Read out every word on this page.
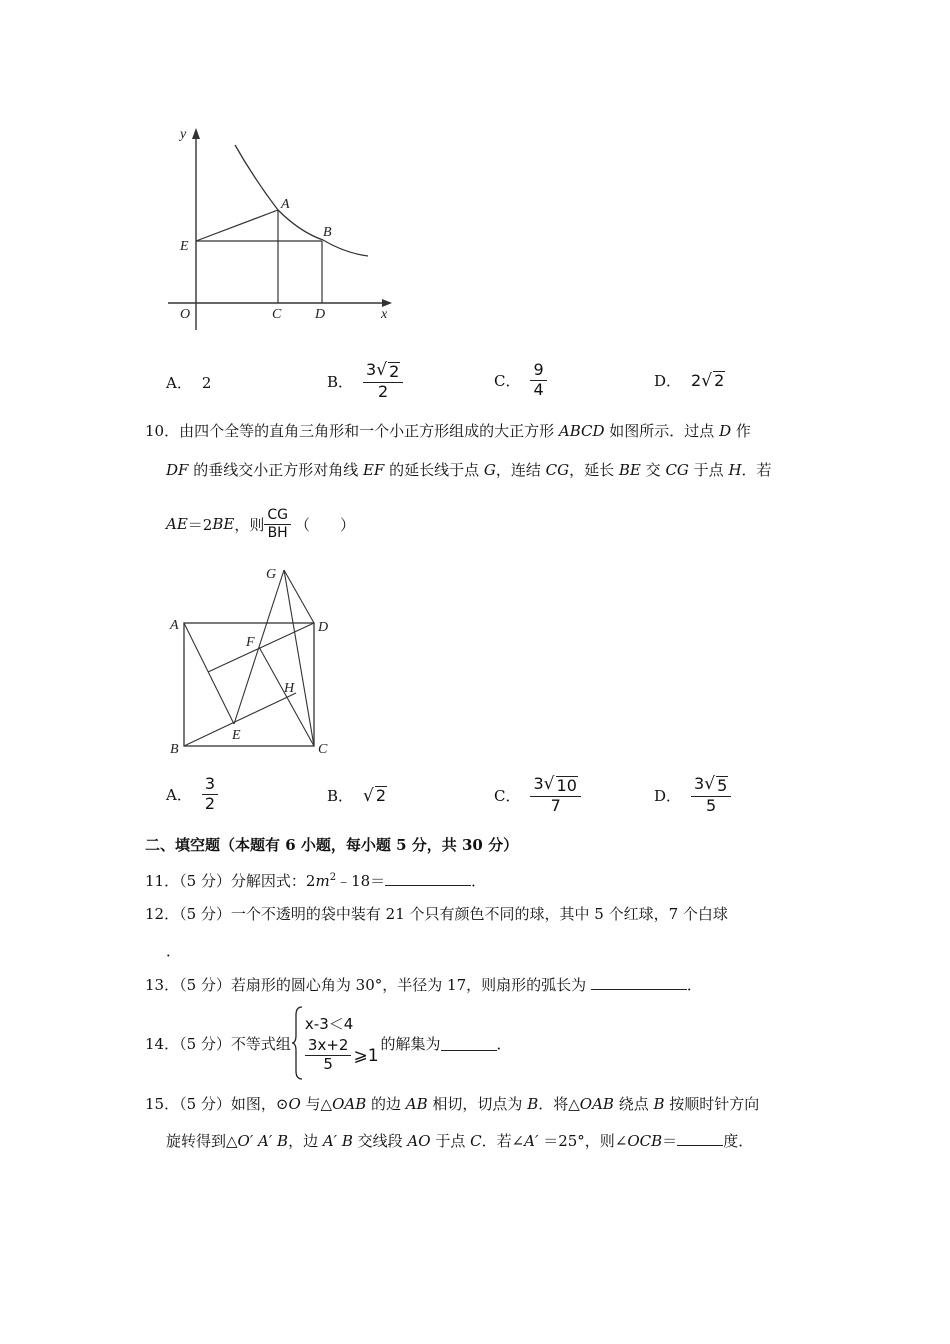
y
x
O
A
B
C D
E
A． 2	B． $\frac{3 √ 2}{2}$	C． $\frac{9}{4}$	D． 2 √ 2
10．由四个全等的直角三角形和一个小正方形组成的大正方形 ABCD 如图所示．过点 D 作
DF 的垂线交小正方形对角线 EF 的延长线于点 G，连结 CG，延长 BE 交 CG 于点 H．若
AE ＝2 BE ，则 $\frac{CG}{BH}$ （　　）
G
A	D
F
H
B
E
C
A． $\frac{3}{2}$	B． √ 2	C． $\frac{3 √ 10}{7}$	D． $\frac{3 √ 5}{5}$
二、填空题（本题有 6 小题，每小题 5 分，共 30 分）
11．（5 分）分解因式：$2m^2﹣18=$	．
12．（5 分）一个不透明的袋中装有 21 个只有颜色不同的球，其中 5 个红球，7 个白球
．
13．（5 分）若扇形的圆心角为 30°，半径为 17，则扇形的弧长为	．
14．（5 分）不等式组
x-3＜4
$\frac{3x+2}{5}$ ⩾1
的解集为	．
15．（5 分）如图，⊙O 与△OAB 的边 AB 相切，切点为 B．将△OAB 绕点 B 按顺时针方向
旋转得到△O′ A′ B，边 A′ B 交线段 AO 于点 C．若∠A′ ＝25°，则∠OCB＝	度．
